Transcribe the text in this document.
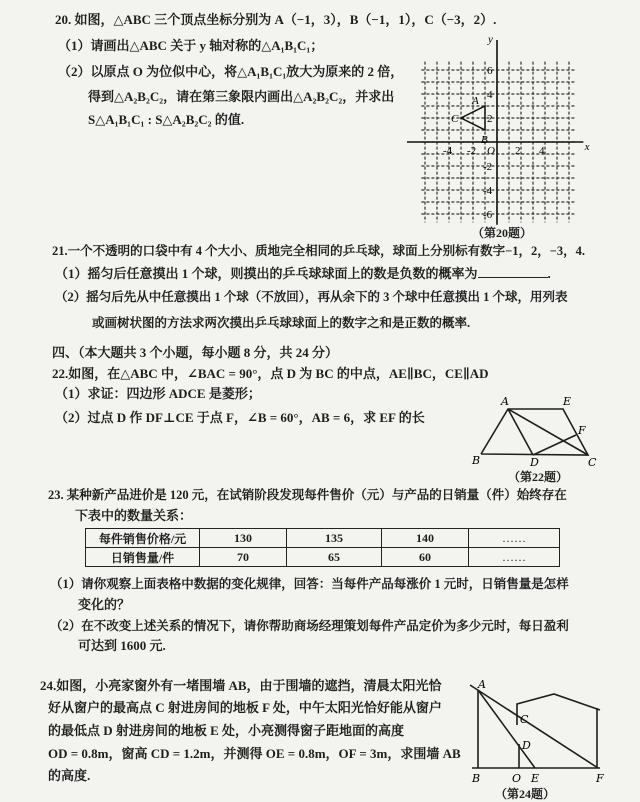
20. 如图，△ABC 三个顶点坐标分别为 A（−1，3），B（−1，1），C（−3，2）.
（1）请画出△ABC 关于 y 轴对称的△A₁B₁C₁；
（2）以原点 O 为位似中心，将△A₁B₁C₁放大为原来的 2 倍，
得到△A₂B₂C₂，请在第三象限内画出△A₂B₂C₂，并求出
S△A₁B₁C₁ : S△A₂B₂C₂ 的值.
x
y
O
-4 -2	2 4
6
4
2
-2
-4
-6
A
B
C
（第20题）
21.一个不透明的口袋中有 4 个大小、质地完全相同的乒乓球，球面上分别标有数字−1，2，−3，4.
（1）摇匀后任意摸出 1 个球，则摸出的乒乓球球面上的数是负数的概率为	.
（2）摇匀后先从中任意摸出 1 个球（不放回），再从余下的 3 个球中任意摸出 1 个球，用列表
或画树状图的方法求两次摸出乒乓球球面上的数字之和是正数的概率.
四、（本大题共 3 个小题，每小题 8 分，共 24 分）
22.如图，在△ABC 中，∠BAC = 90°，点 D 为 BC 的中点，AE∥BC，CE∥AD
（1）求证：四边形 ADCE 是菱形；
（2）过点 D 作 DF⊥CE 于点 F，∠B = 60°，AB = 6，求 EF 的长
A	E
F
B	D	C
（第22题）
23. 某种新产品进价是 120 元，在试销阶段发现每件售价（元）与产品的日销量（件）始终存在
下表中的数量关系：
每件销售价格/元	130	135	140	……
日销售量/件	70	65	60	……
（1）请你观察上面表格中数据的变化规律，回答：当每件产品每涨价 1 元时，日销售量是怎样
变化的？
（2）在不改变上述关系的情况下，请你帮助商场经理策划每件产品定价为多少元时，每日盈利
可达到 1600 元.
24.如图，小亮家窗外有一堵围墙 AB，由于围墙的遮挡，清晨太阳光恰
好从窗户的最高点 C 射进房间的地板 F 处，中午太阳光恰好能从窗户
的最低点 D 射进房间的地板 E 处，小亮测得窗子距地面的高度
OD = 0.8m，窗高 CD = 1.2m，并测得 OE = 0.8m，OF = 3m，求围墙 AB
的高度.
A
C
D
B	O E	F
（第24题）
